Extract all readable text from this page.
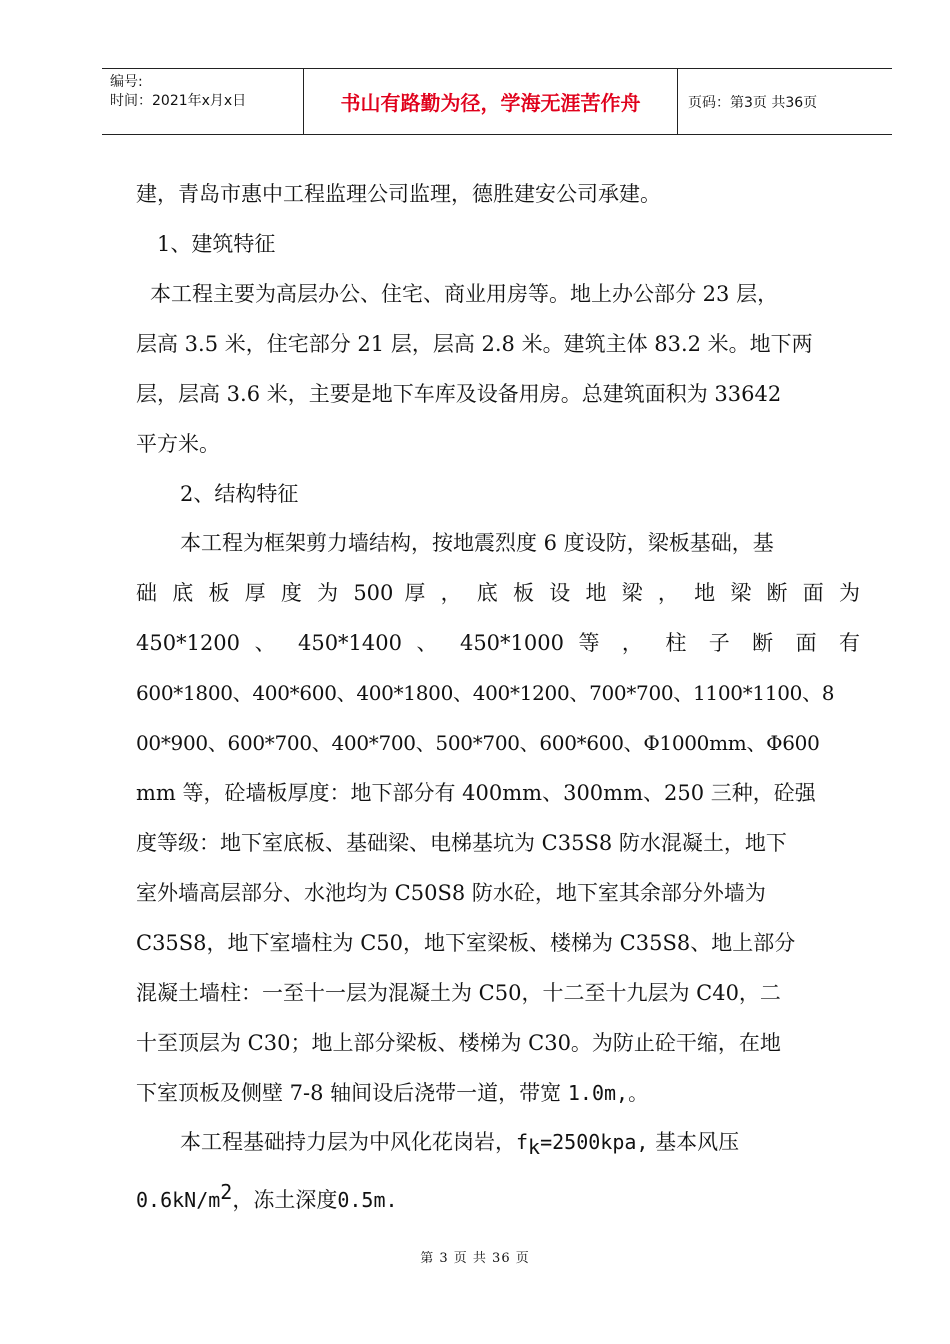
编号:
时间：2021年x月x日	书山有路勤为径，学海无涯苦作舟	页码：第3页 共36页
建，青岛市惠中工程监理公司监理，德胜建安公司承建。
1、建筑特征
本工程主要为高层办公、住宅、商业用房等。地上办公部分 23 层，
层高 3.5 米，住宅部分 21 层，层高 2.8 米。建筑主体 83.2 米。地下两
层，层高 3.6 米，主要是地下车库及设备用房。总建筑面积为 33642
平方米。
2、结构特征
本工程为框架剪力墙结构，按地震烈度 6 度设防，梁板基础，基
础 底 板 厚 度 为 500 厚 ， 底 板 设 地 梁 ， 地 梁 断 面 为
450*1200 、 450*1400 、 450*1000 等 ， 柱 子 断 面 有
600*1800、400*600、400*1800、400*1200、700*700、1100*1100、8
00*900、600*700、400*700、500*700、600*600、Φ1000mm、Φ600
mm 等，砼墙板厚度：地下部分有 400mm、300mm、250 三种，砼强
度等级：地下室底板、基础梁、电梯基坑为 C35S8 防水混凝土，地下
室外墙高层部分、水池均为 C50S8 防水砼，地下室其余部分外墙为
C35S8，地下室墙柱为 C50，地下室梁板、楼梯为 C35S8、地上部分
混凝土墙柱：一至十一层为混凝土为 C50，十二至十九层为 C40，二
十至顶层为 C30；地上部分梁板、楼梯为 C30。为防止砼干缩，在地
下室顶板及侧壁 7-8 轴间设后浇带一道，带宽 1.0m,。
本工程基础持力层为中风化花岗岩，$f_k=2500kpa$, 基本风压
$0.6kN/m^2$，冻土深度0.5m.
第 3 页 共 36 页
